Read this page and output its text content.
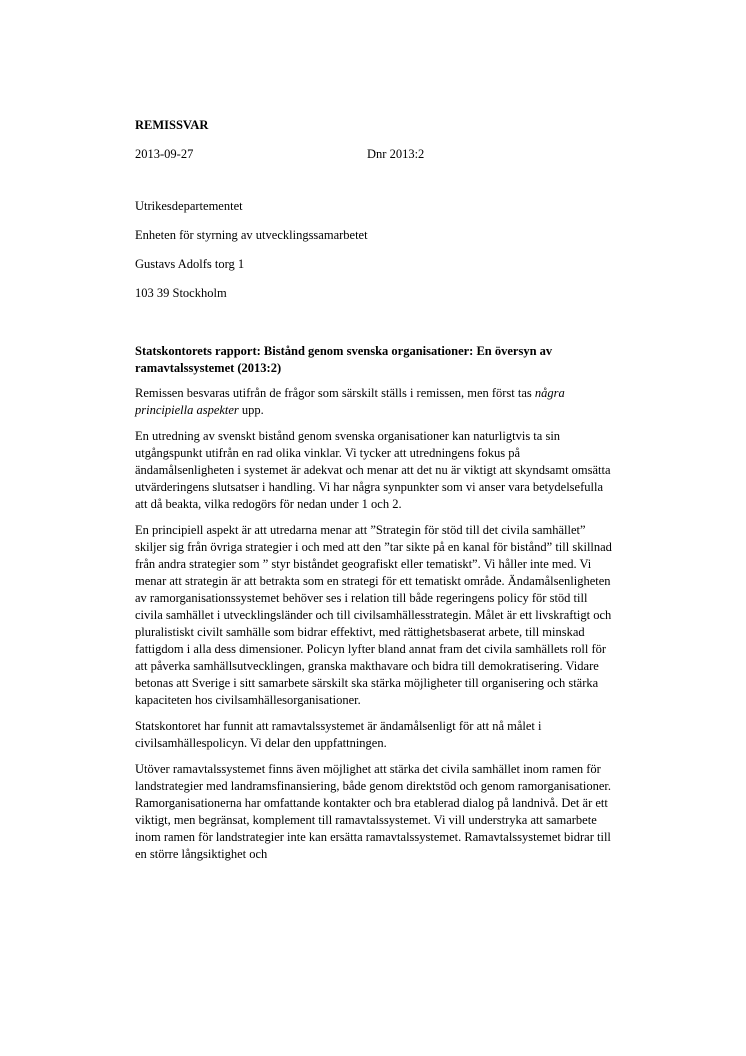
REMISSVAR
2013-09-27	Dnr 2013:2
Utrikesdepartementet
Enheten för styrning av utvecklingssamarbetet
Gustavs Adolfs torg 1
103 39 Stockholm
Statskontorets rapport: Bistånd genom svenska organisationer: En översyn av
ramavtalssystemet (2013:2)

Remissen besvaras utifrån de frågor som särskilt ställs i remissen, men först tas några principiella aspekter upp.

En utredning av svenskt bistånd genom svenska organisationer kan naturligtvis ta sin utgångspunkt utifrån en rad olika vinklar. Vi tycker att utredningens fokus på ändamålsenligheten i systemet är adekvat och menar att det nu är viktigt att skyndsamt omsätta utvärderingens slutsatser i handling. Vi har några synpunkter som vi anser vara betydelsefulla att då beakta, vilka redogörs för nedan under 1 och 2.

En principiell aspekt är att utredarna menar att ”Strategin för stöd till det civila samhället” skiljer sig från övriga strategier i och med att den ”tar sikte på en kanal för bistånd” till skillnad från andra strategier som ” styr biståndet geografiskt eller tematiskt”. Vi håller inte med. Vi menar att strategin är att betrakta som en strategi för ett tematiskt område. Ändamålsenligheten av ramorganisationssystemet behöver ses i relation till både regeringens policy för stöd till civila samhället i utvecklingsländer och till civilsamhällesstrategin. Målet är ett livskraftigt och pluralistiskt civilt samhälle som bidrar effektivt, med rättighetsbaserat arbete, till minskad fattigdom i alla dess dimensioner. Policyn lyfter bland annat fram det civila samhällets roll för att påverka samhällsutvecklingen, granska makthavare och bidra till demokratisering. Vidare betonas att Sverige i sitt samarbete särskilt ska stärka möjligheter till organisering och stärka kapaciteten hos civilsamhällesorganisationer.

Statskontoret har funnit att ramavtalssystemet är ändamålsenligt för att nå målet i civilsamhällespolicyn. Vi delar den uppfattningen.

Utöver ramavtalssystemet finns även möjlighet att stärka det civila samhället inom ramen för landstrategier med landramsfinansiering, både genom direktstöd och genom ramorganisationer. Ramorganisationerna har omfattande kontakter och bra etablerad dialog på landnivå. Det är ett viktigt, men begränsat, komplement till ramavtalssystemet. Vi vill understryka att samarbete inom ramen för landstrategier inte kan ersätta ramavtalssystemet. Ramavtalssystemet bidrar till en större långsiktighet och
